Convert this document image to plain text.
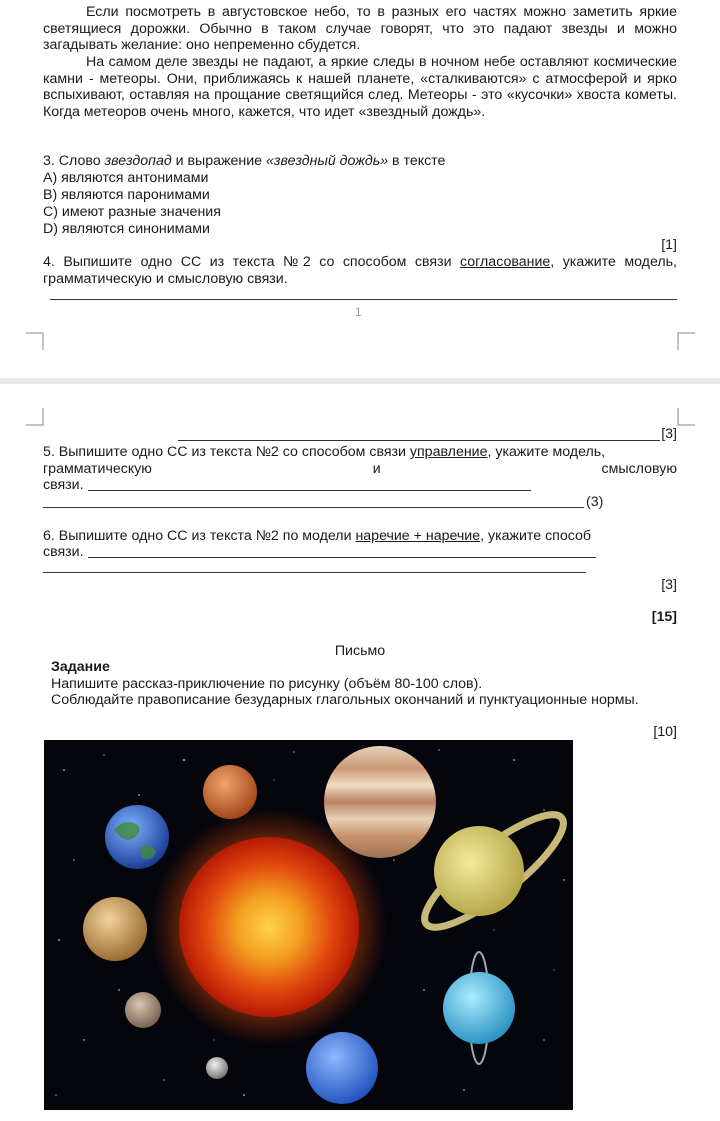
Если посмотреть в августовское небо, то в разных его частях можно заметить яркие светящиеся дорожки. Обычно в таком случае говорят, что это падают звезды и можно загадывать желание: оно непременно сбудется.

На самом деле звезды не падают, а яркие следы в ночном небе оставляют космические камни - метеоры. Они, приближаясь к нашей планете, «сталкиваются» с атмосферой и ярко вспыхивают, оставляя на прощание светящийся след. Метеоры - это «кусочки» хвоста кометы. Когда метеоров очень много, кажется, что идет «звездный дождь».

3. Слово звездопад и выражение «звездный дождь» в тексте

А) являются антонимами

В) являются паронимами

С) имеют разные значения

D) являются синонимами

[1]

4. Выпишите одно СС из текста №2 со способом связи согласование, укажите модель, грамматическую и смысловую связи.

1

[3]

5. Выпишите одно СС из текста №2 со способом связи управление, укажите модель,

грамматическую	и	смысловую

связи.

(3)

6. Выпишите одно СС из текста №2 по модели наречие + наречие, укажите способ

связи.

[3]

[15]

Письмо

Задание

Напишите рассказ-приключение по рисунку (объём 80-100 слов).

Соблюдайте правописание безударных глагольных окончаний и пунктуационные нормы.

[10]
